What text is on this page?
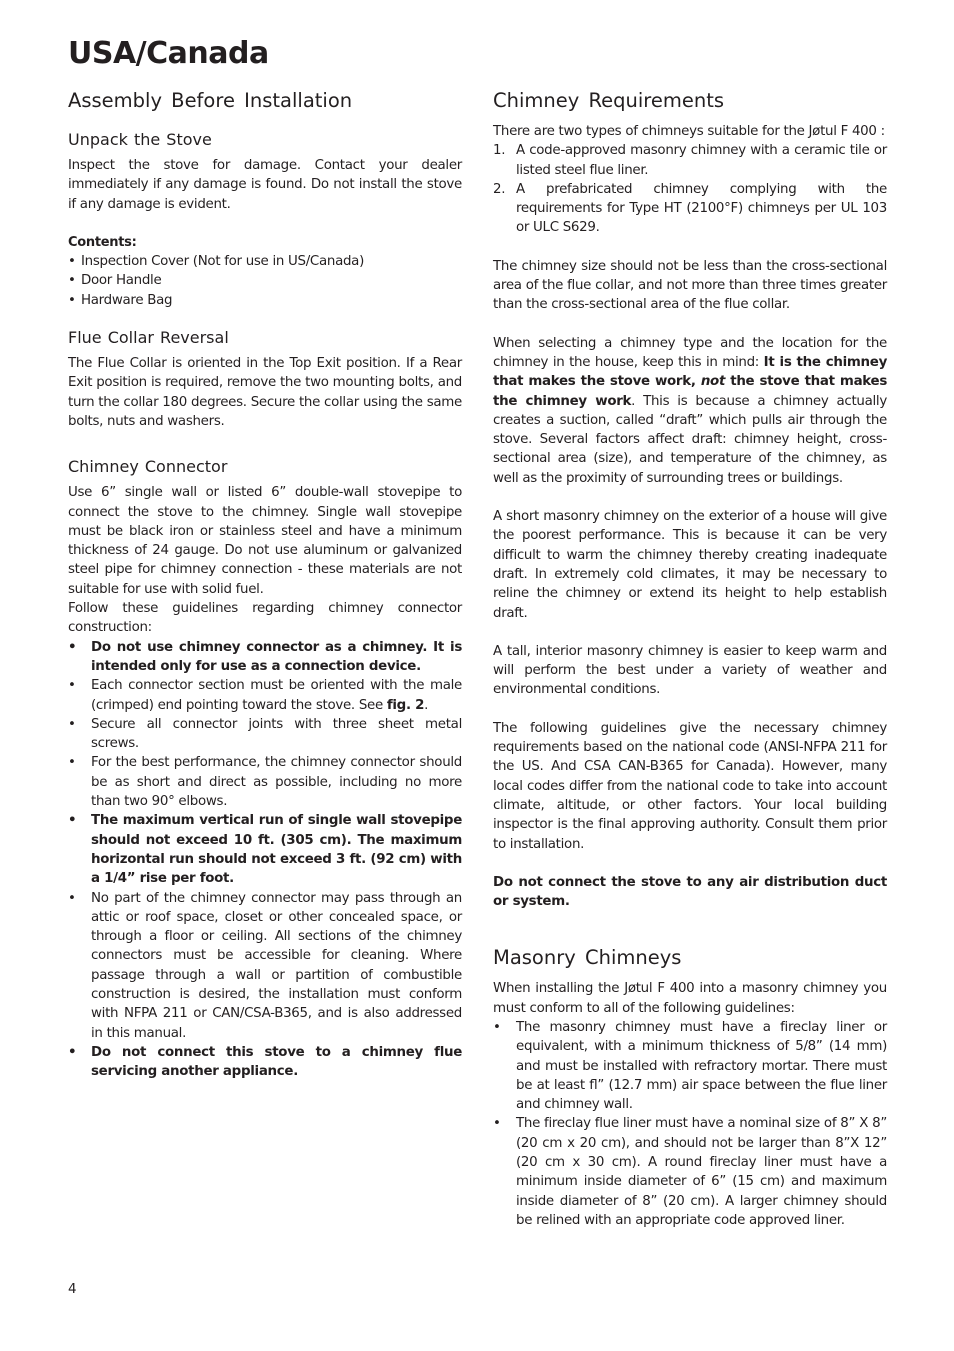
USA/Canada
Assembly Before Installation
Unpack the Stove

Inspect the stove for damage. Contact your dealer immediately if any damage is found. Do not install the stove if any damage is evident.

Contents:

• Inspection Cover (Not for use in US/Canada)
• Door Handle
• Hardware Bag
Flue Collar Reversal

The Flue Collar is oriented in the Top Exit position. If a Rear Exit position is required, remove the two mounting bolts, and turn the collar 180 degrees. Secure the collar using the same bolts, nuts and washers.

Chimney Connector

Use 6” single wall or listed 6” double-wall stovepipe to connect the stove to the chimney. Single wall stovepipe must be black iron or stainless steel and have a minimum thickness of 24 gauge. Do not use aluminum or galvanized steel pipe for chimney connection - these materials are not suitable for use with solid fuel.

Follow these guidelines regarding chimney connector construction:

• Do not use chimney connector as a chimney. It is intended only for use as a connection device.
• Each connector section must be oriented with the male (crimped) end pointing toward the stove. See fig. 2.
• Secure all connector joints with three sheet metal screws.
• For the best performance, the chimney connector should be as short and direct as possible, including no more than two 90° elbows.
• The maximum vertical run of single wall stovepipe should not exceed 10 ft. (305 cm). The maximum horizontal run should not exceed 3 ft. (92 cm) with a 1/4” rise per foot.
• No part of the chimney connector may pass through an attic or roof space, closet or other concealed space, or through a floor or ceiling. All sections of the chimney connectors must be accessible for cleaning. Where passage through a wall or partition of combustible construction is desired, the installation must conform with NFPA 211 or CAN/CSA-B365, and is also addressed in this manual.
• Do not connect this stove to a chimney flue servicing another appliance.
Chimney Requirements

There are two types of chimneys suitable for the Jøtul F 400 :

1. A code-approved masonry chimney with a ceramic tile or listed steel flue liner.
2. A prefabricated chimney complying with the requirements for Type HT (2100°F) chimneys per UL 103 or ULC S629.

The chimney size should not be less than the cross-sectional area of the flue collar, and not more than three times greater than the cross-sectional area of the flue collar.

When selecting a chimney type and the location for the chimney in the house, keep this in mind: It is the chimney that makes the stove work, not the stove that makes the chimney work. This is because a chimney actually creates a suction, called “draft” which pulls air through the stove. Several factors affect draft: chimney height, cross-sectional area (size), and temperature of the chimney, as well as the proximity of surrounding trees or buildings.

A short masonry chimney on the exterior of a house will give the poorest performance. This is because it can be very difficult to warm the chimney thereby creating inadequate draft. In extremely cold climates, it may be necessary to reline the chimney or extend its height to help establish draft.

A tall, interior masonry chimney is easier to keep warm and will perform the best under a variety of weather and environmental conditions.

The following guidelines give the necessary chimney requirements based on the national code (ANSI-NFPA 211 for the US. And CSA CAN-B365 for Canada). However, many local codes differ from the national code to take into account climate, altitude, or other factors. Your local building inspector is the final approving authority. Consult them prior to installation.

Do not connect the stove to any air distribution duct or system.

Masonry Chimneys

When installing the Jøtul F 400 into a masonry chimney you must conform to all of the following guidelines:

• The masonry chimney must have a fireclay liner or equivalent, with a minimum thickness of 5/8” (14 mm) and must be installed with refractory mortar. There must be at least ﬂ” (12.7 mm) air space between the flue liner and chimney wall.
• The fireclay flue liner must have a nominal size of 8” X 8” (20 cm x 20 cm), and should not be larger than 8”X 12” (20 cm x 30 cm). A round fireclay liner must have a minimum inside diameter of 6” (15 cm) and maximum inside diameter of 8” (20 cm). A larger chimney should be relined with an appropriate code approved liner.
4
